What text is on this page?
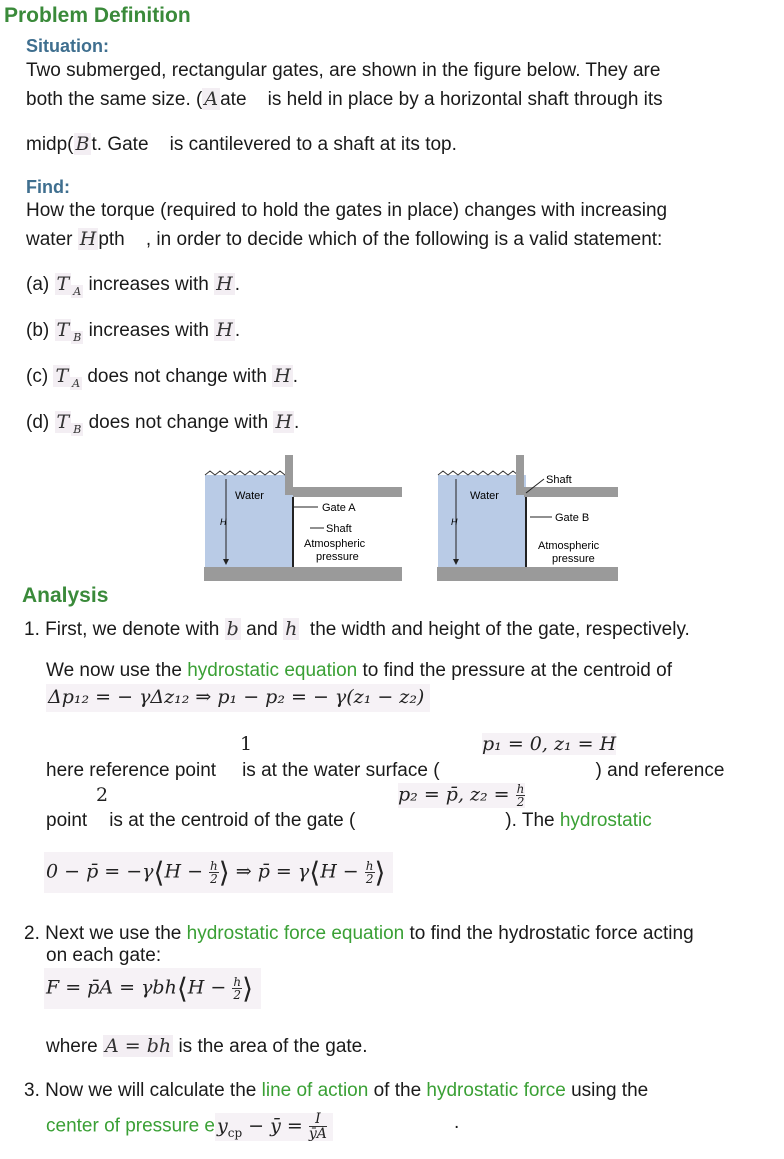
Problem Definition
Situation:
Two submerged, rectangular gates, are shown in the figure below. They are
both the same size. ( A ate is held in place by a horizontal shaft through its
midp( B t. Gate is cantilevered to a shaft at its top.
Find:
How the torque (required to hold the gates in place) changes with increasing
water H pth , in order to decide which of the following is a valid statement:
(a) T $_A$ increases with H .
(b) T $_B$ increases with H .
(c) T $_A$ does not change with H .
(d) T $_B$ does not change with H .
Water
H
Gate A
Shaft
Atmospheric
pressure
Water
H
Shaft
Gate B
Atmospheric
pressure
Analysis
1. First, we denote with b and h the width and height of the gate, respectively.
We now use the hydrostatic equation to find the pressure at the centroid of
Δp₁₂ = − γΔz₁₂ ⇒ p₁ − p₂ = − γ(z₁ − z₂)
1	p₁ = 0, z₁ = H
here reference point is at the water surface (	) and reference
2	p₂ = p̄, $z_2 = \frac{h}{2}$
point is at the centroid of the gate (	). The hydrostatic
0 − p̄ = −γ⟨H − $\frac{h}{2}$ ⟩ ⇒ p̄ = γ⟨H − $\frac{h}{2}$ ⟩
2. Next we use the hydrostatic force equation to find the hydrostatic force acting
on each gate:
F = p̄A = γbh⟨H − $\frac{h}{2}$ ⟩
where A = bh is the area of the gate.
3. Now we will calculate the line of action of the hydrostatic force using the
center of pressure e $y_{cp}$ − ȳ = $\frac{I}{ȳA}$	.
